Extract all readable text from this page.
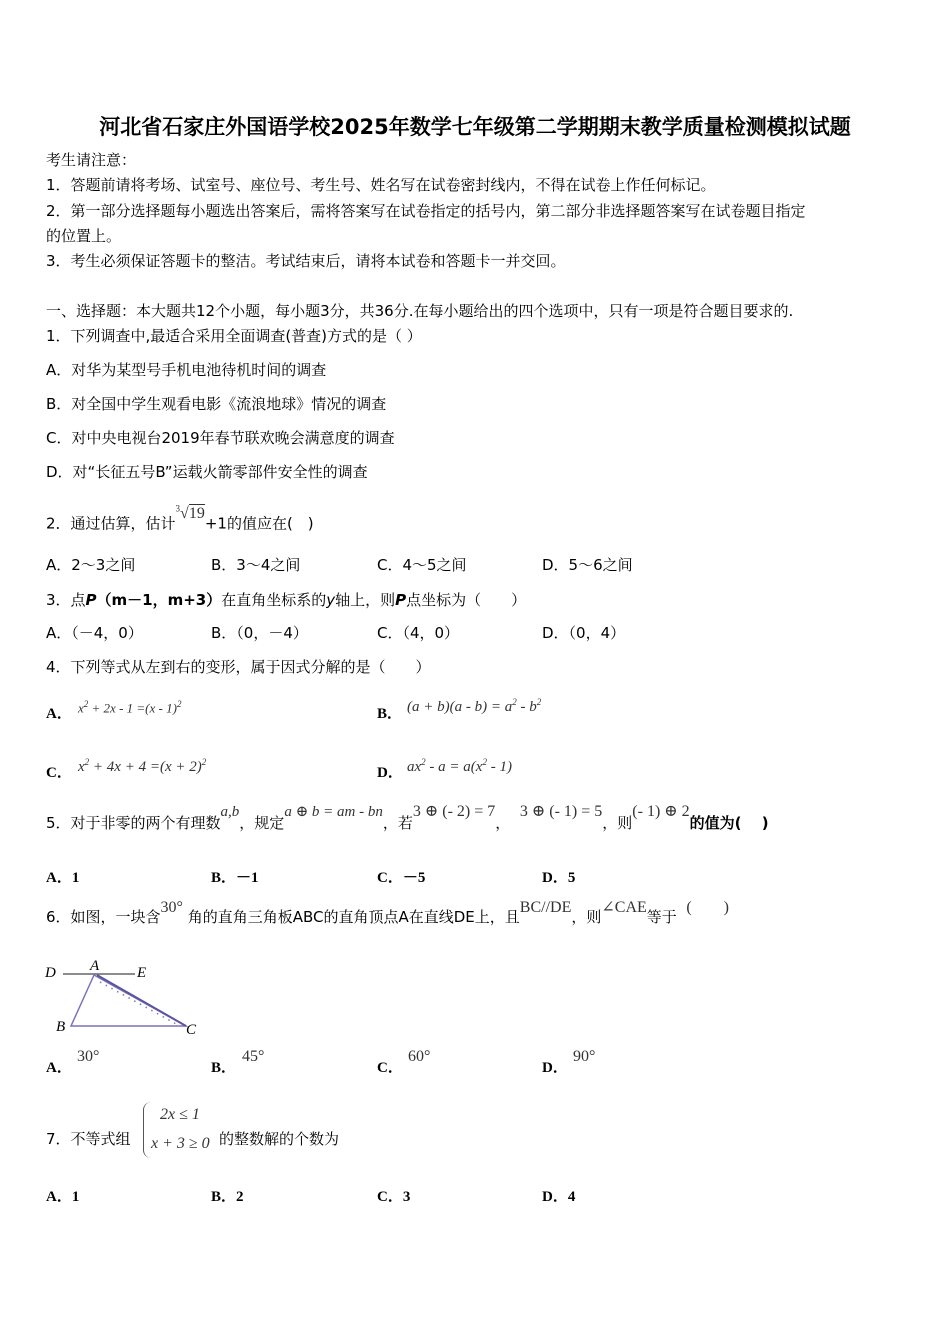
河北省石家庄外国语学校2025年数学七年级第二学期期末教学质量检测模拟试题
考生请注意：
1．答题前请将考场、试室号、座位号、考生号、姓名写在试卷密封线内，不得在试卷上作任何标记。
2．第一部分选择题每小题选出答案后，需将答案写在试卷指定的括号内，第二部分非选择题答案写在试卷题目指定
的位置上。
3．考生必须保证答题卡的整洁。考试结束后，请将本试卷和答题卡一并交回。
一、选择题：本大题共12个小题，每小题3分，共36分.在每小题给出的四个选项中，只有一项是符合题目要求的.
1．下列调查中,最适合采用全面调查(普查)方式的是（ ）
A．对华为某型号手机电池待机时间的调查
B．对全国中学生观看电影《流浪地球》情况的调查
C．对中央电视台2019年春节联欢晚会满意度的调查
D．对“长征五号B”运载火箭零部件安全性的调查
2．通过估算，估计$^3$√19+1的值应在(　)
A．2～3之间	B．3～4之间	C．4～5之间	D．5～6之间
3．点P（m－1，m+3）在直角坐标系的y轴上，则P点坐标为（　　）
A．（－4，0）	B．（0，－4）	C．（4，0）	D．（0，4）
4．下列等式从左到右的变形，属于因式分解的是（　　）
A． $x^2 + 2x - 1 =(x - 1)^2$
B． $(a + b)(a - b) = a^2 - b^2$
C． $x^2 + 4x + 4 =(x + 2)^2$
D． $ax^2 - a = a(x^2 - 1)$
5．对于非零的两个有理数a,b，规定a ⊕ b = am - bn，若3 ⊕ (- 2) = 7，  3 ⊕ (- 1) = 5，则(- 1) ⊕ 2的值为(　 )
A．1	B．－1	C．－5	D．5
6．如图，一块含30° 角的直角三角板ABC的直角顶点A在直线DE上，且BC//DE，则∠CAE等于  (　　)
D A	E
B	C
A．
30°
B．
45°
C．
60°
D．
90°
7．不等式组
2x ≤ 1
x + 3 ≥ 0 的整数解的个数为
A．1	B．2	C．3	D．4
